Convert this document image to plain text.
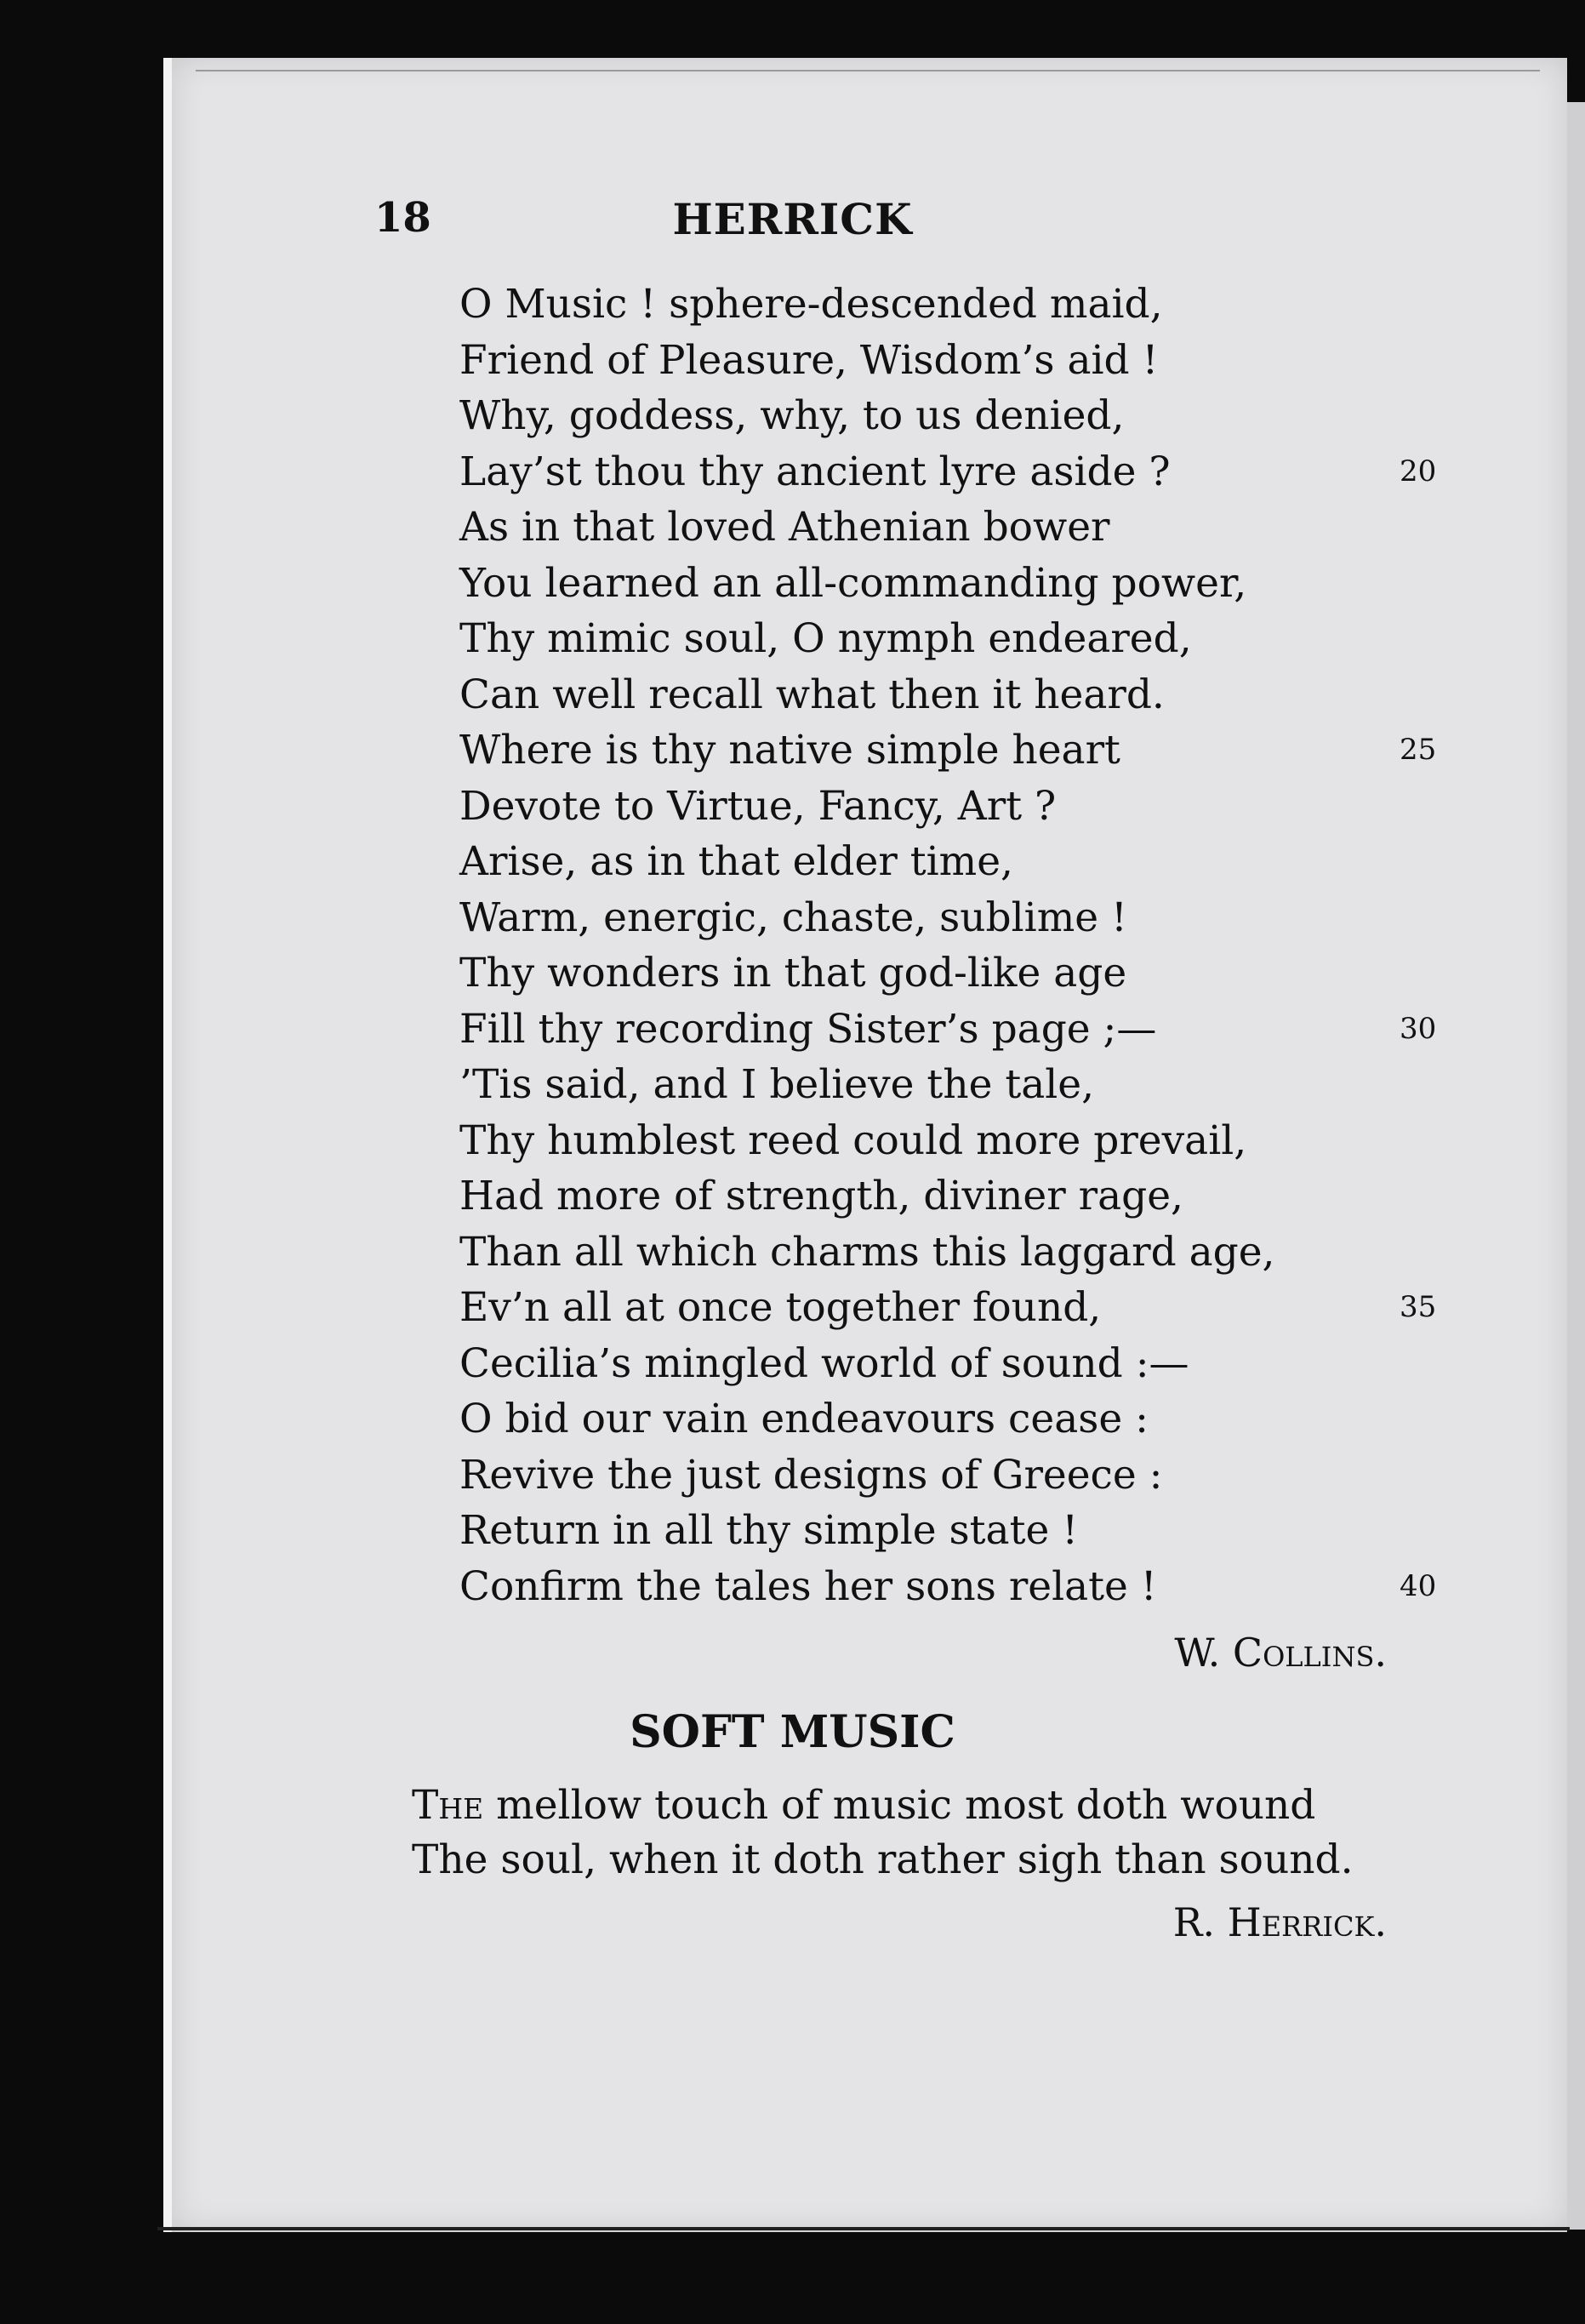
18	HERRICK
O Music ! sphere-descended maid,
Friend of Pleasure, Wisdom’s aid !
Why, goddess, why, to us denied,
Lay’st thou thy ancient lyre aside ?	20
As in that loved Athenian bower
You learned an all-commanding power,
Thy mimic soul, O nymph endeared,
Can well recall what then it heard.
Where is thy native simple heart	25
Devote to Virtue, Fancy, Art ?
Arise, as in that elder time,
Warm, energic, chaste, sublime !
Thy wonders in that god-like age
Fill thy recording Sister’s page ;—	30
’Tis said, and I believe the tale,
Thy humblest reed could more prevail,
Had more of strength, diviner rage,
Than all which charms this laggard age,
Ev’n all at once together found,	35
Cecilia’s mingled world of sound :—
O bid our vain endeavours cease :
Revive the just designs of Greece :
Return in all thy simple state !
Confirm the tales her sons relate !	40
W. Collins.
SOFT MUSIC
The mellow touch of music most doth wound
The soul, when it doth rather sigh than sound.
R. Herrick.
